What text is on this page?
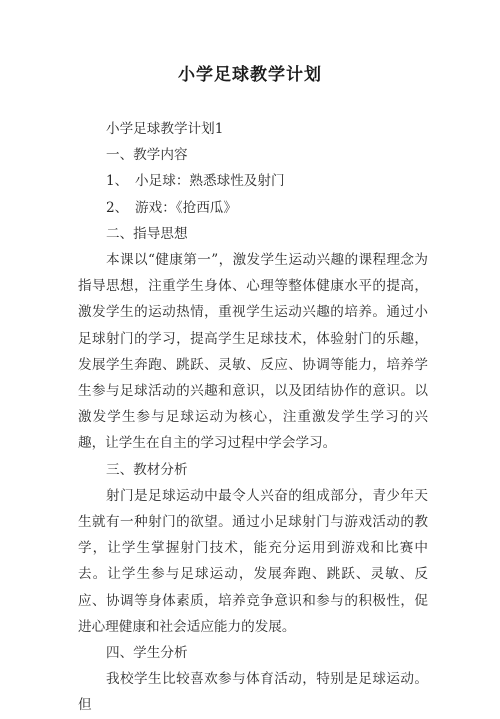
小学足球教学计划

小学足球教学计划1

一、教学内容

1、　小足球：熟悉球性及射门

2、　游戏：《抢西瓜》

二、指导思想

本课以“健康第一”，激发学生运动兴趣的课程理念为指导思想，注重学生身体、心理等整体健康水平的提高，激发学生的运动热情，重视学生运动兴趣的培养。通过小足球射门的学习，提高学生足球技术，体验射门的乐趣，发展学生奔跑、跳跃、灵敏、反应、协调等能力，培养学生参与足球活动的兴趣和意识，以及团结协作的意识。以激发学生参与足球运动为核心，注重激发学生学习的兴趣，让学生在自主的学习过程中学会学习。

三、教材分析

射门是足球运动中最令人兴奋的组成部分，青少年天生就有一种射门的欲望。通过小足球射门与游戏活动的教学，让学生掌握射门技术，能充分运用到游戏和比赛中去。让学生参与足球运动，发展奔跑、跳跃、灵敏、反应、协调等身体素质，培养竞争意识和参与的积极性，促进心理健康和社会适应能力的发展。

四、学生分析

我校学生比较喜欢参与体育活动，特别是足球运动。但
